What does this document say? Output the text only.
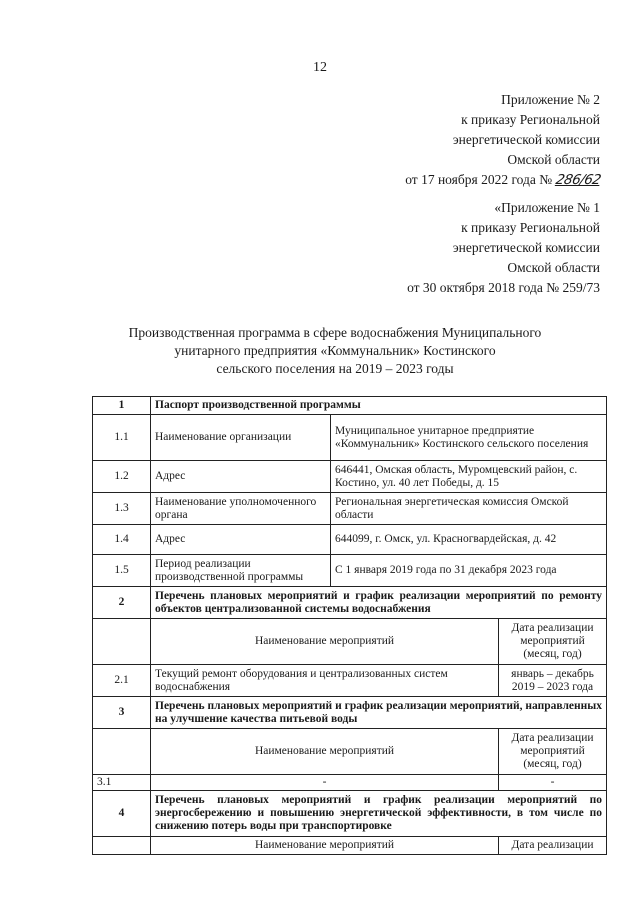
12
Приложение № 2
к приказу Региональной
энергетической комиссии
Омской области
от 17 ноября 2022 года № 286/62
«Приложение № 1
к приказу Региональной
энергетической комиссии
Омской области
от 30 октября 2018 года № 259/73
Производственная программа в сфере водоснабжения Муниципального
унитарного предприятия «Коммунальник» Костинского
сельского поселения на 2019 – 2023 годы
1	Паспорт производственной программы		
1.1	Наименование организации	Муниципальное унитарное предприятие «Коммунальник» Костинского сельского поселения	
1.2	Адрес	646441, Омская область, Муромцевский район, с. Костино, ул. 40 лет Победы, д. 15	
1.3	Наименование уполномоченного органа	Региональная энергетическая комиссия Омской области	
1.4	Адрес	644099, г. Омск, ул. Красногвардейская, д. 42	
1.5	Период реализации производственной программы	С 1 января 2019 года по 31 декабря 2023 года	
2	Перечень плановых мероприятий и график реализации мероприятий по ремонту объектов централизованной системы водоснабжения		
	Наименование мероприятий		Дата реализации мероприятий (месяц, год)
2.1	Текущий ремонт оборудования и централизованных систем водоснабжения		январь – декабрь 2019 – 2023 года
3	Перечень плановых мероприятий и график реализации мероприятий, направленных на улучшение качества питьевой воды		
	Наименование мероприятий		Дата реализации мероприятий (месяц, год)
3.1	-		-
4	Перечень плановых мероприятий и график реализации мероприятий по энергосбережению и повышению энергетической эффективности, в том числе по снижению потерь воды при транспортировке		
	Наименование мероприятий		Дата реализации
